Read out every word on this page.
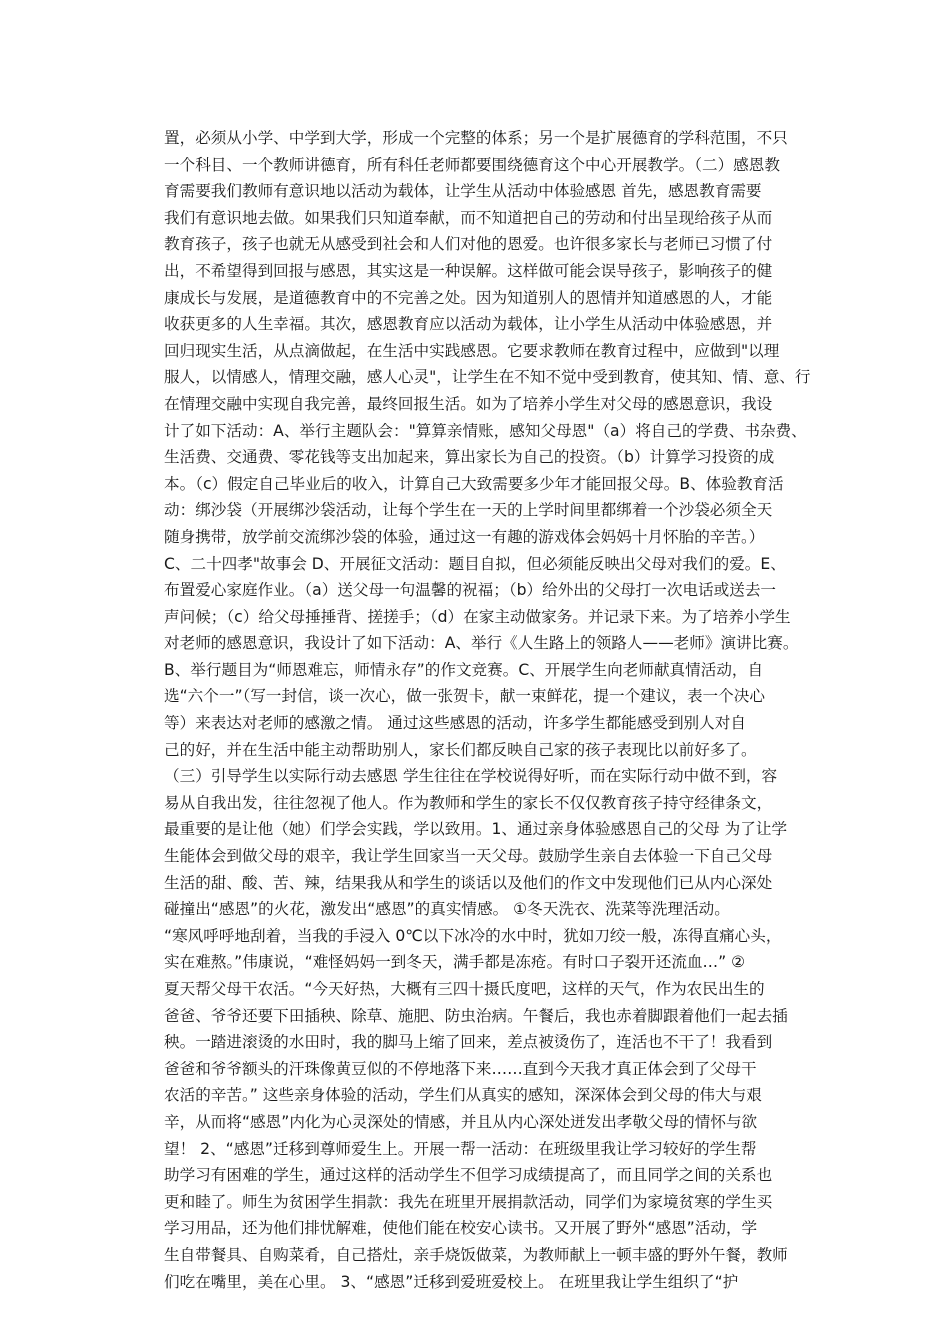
置，必须从小学、中学到大学，形成一个完整的体系；另一个是扩展德育的学科范围，不只
一个科目、一个教师讲德育，所有科任老师都要围绕德育这个中心开展教学。（二）感恩教
育需要我们教师有意识地以活动为载体，让学生从活动中体验感恩 首先，感恩教育需要
我们有意识地去做。如果我们只知道奉献，而不知道把自己的劳动和付出呈现给孩子从而
教育孩子，孩子也就无从感受到社会和人们对他的恩爱。也许很多家长与老师已习惯了付
出，不希望得到回报与感恩，其实这是一种误解。这样做可能会误导孩子，影响孩子的健
康成长与发展，是道德教育中的不完善之处。因为知道别人的恩情并知道感恩的人，才能
收获更多的人生幸福。其次，感恩教育应以活动为载体，让小学生从活动中体验感恩，并
回归现实生活，从点滴做起，在生活中实践感恩。它要求教师在教育过程中，应做到"以理
服人，以情感人，情理交融，感人心灵"，让学生在不知不觉中受到教育，使其知、情、意、行
在情理交融中实现自我完善，最终回报生活。如为了培养小学生对父母的感恩意识，我设
计了如下活动：A、举行主题队会："算算亲情账，感知父母恩"（a）将自己的学费、书杂费、
生活费、交通费、零花钱等支出加起来，算出家长为自己的投资。（b）计算学习投资的成
本。（c）假定自己毕业后的收入，计算自己大致需要多少年才能回报父母。B、体验教育活
动：绑沙袋（开展绑沙袋活动，让每个学生在一天的上学时间里都绑着一个沙袋必须全天
随身携带，放学前交流绑沙袋的体验，通过这一有趣的游戏体会妈妈十月怀胎的辛苦。）
C、二十四孝"故事会 D、开展征文活动：题目自拟，但必须能反映出父母对我们的爱。E、
布置爱心家庭作业。（a）送父母一句温馨的祝福；（b）给外出的父母打一次电话或送去一
声问候；（c）给父母捶捶背、搓搓手；（d）在家主动做家务。并记录下来。为了培养小学生
对老师的感恩意识，我设计了如下活动：A、举行《人生路上的领路人——老师》演讲比赛。
B、举行题目为“师恩难忘，师情永存”的作文竞赛。C、开展学生向老师献真情活动，自
选“六个一”（写一封信，谈一次心，做一张贺卡，献一束鲜花，提一个建议，表一个决心
等）来表达对老师的感激之情。 通过这些感恩的活动，许多学生都能感受到别人对自
己的好，并在生活中能主动帮助别人，家长们都反映自己家的孩子表现比以前好多了。
（三）引导学生以实际行动去感恩 学生往往在学校说得好听，而在实际行动中做不到，容
易从自我出发，往往忽视了他人。作为教师和学生的家长不仅仅教育孩子持守经律条文，
最重要的是让他（她）们学会实践，学以致用。1、通过亲身体验感恩自己的父母 为了让学
生能体会到做父母的艰辛，我让学生回家当一天父母。鼓励学生亲自去体验一下自己父母
生活的甜、酸、苦、辣，结果我从和学生的谈话以及他们的作文中发现他们已从内心深处
碰撞出“感恩”的火花，激发出“感恩”的真实情感。 ①冬天洗衣、洗菜等洗理活动。
“寒风呼呼地刮着，当我的手浸入 0℃以下冰冷的水中时，犹如刀绞一般，冻得直痛心头，
实在难熬。”伟康说，“难怪妈妈一到冬天，满手都是冻疮。有时口子裂开还流血…” ②
夏天帮父母干农活。“今天好热，大概有三四十摄氏度吧，这样的天气，作为农民出生的
爸爸、爷爷还要下田插秧、除草、施肥、防虫治病。午餐后，我也赤着脚跟着他们一起去插
秧。一踏进滚烫的水田时，我的脚马上缩了回来，差点被烫伤了，连活也不干了！我看到
爸爸和爷爷额头的汗珠像黄豆似的不停地落下来……直到今天我才真正体会到了父母干
农活的辛苦。” 这些亲身体验的活动，学生们从真实的感知，深深体会到父母的伟大与艰
辛，从而将“感恩”内化为心灵深处的情感，并且从内心深处迸发出孝敬父母的情怀与欲
望！ 2、“感恩”迁移到尊师爱生上。开展一帮一活动：在班级里我让学习较好的学生帮
助学习有困难的学生，通过这样的活动学生不但学习成绩提高了，而且同学之间的关系也
更和睦了。师生为贫困学生捐款：我先在班里开展捐款活动，同学们为家境贫寒的学生买
学习用品，还为他们排忧解难，使他们能在校安心读书。又开展了野外“感恩”活动，学
生自带餐具、自购菜肴，自己搭灶，亲手烧饭做菜，为教师献上一顿丰盛的野外午餐，教师
们吃在嘴里，美在心里。 3、“感恩”迁移到爱班爱校上。 在班里我让学生组织了“护
